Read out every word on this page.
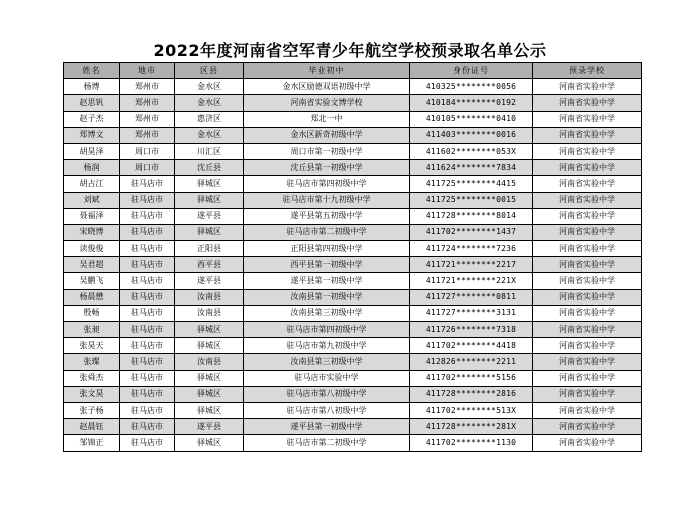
2022年度河南省空军青少年航空学校预录取名单公示
姓名	地市	区县	毕业初中	身份证号	预录学校
杨博	郑州市	金水区	金水区励德双语初级中学	410325********0056	河南省实验中学
赵思钒	郑州市	金水区	河南省实验文博学校	410184********0192	河南省实验中学
赵子杰	郑州市	惠济区	郑北一中	410105********0410	河南省实验中学
郑博文	郑州市	金水区	金水区新奇初级中学	411403********0016	河南省实验中学
胡昊泽	周口市	川汇区	周口市第一初级中学	411602********053X	河南省实验中学
杨润	周口市	沈丘县	沈丘县第一初级中学	411624********7834	河南省实验中学
胡占江	驻马店市	驿城区	驻马店市第四初级中学	411725********4415	河南省实验中学
刘斌	驻马店市	驿城区	驻马店市第十九初级中学	411725********0015	河南省实验中学
聂福泽	驻马店市	遂平县	遂平县第五初级中学	411728********8014	河南省实验中学
宋晓博	驻马店市	驿城区	驻马店市第二初级中学	411702********1437	河南省实验中学
读俊俊	驻马店市	正阳县	正阳县第四初级中学	411724********7236	河南省实验中学
吴君超	驻马店市	西平县	西平县第一初级中学	411721********2217	河南省实验中学
吴鹏飞	驻马店市	遂平县	遂平县第一初级中学	411721********221X	河南省实验中学
杨晨懋	驻马店市	汝南县	汝南县第一初级中学	411727********0811	河南省实验中学
殷畅	驻马店市	汝南县	汝南县第三初级中学	411727********3131	河南省实验中学
张昶	驻马店市	驿城区	驻马店市第四初级中学	411726********7318	河南省实验中学
张昊天	驻马店市	驿城区	驻马店市第九初级中学	411702********4418	河南省实验中学
张璨	驻马店市	汝南县	汝南县第三初级中学	412826********2211	河南省实验中学
张舜杰	驻马店市	驿城区	驻马店市实验中学	411702********5156	河南省实验中学
张文昊	驻马店市	驿城区	驻马店市第八初级中学	411728********2816	河南省实验中学
张子杨	驻马店市	驿城区	驻马店市第八初级中学	411702********513X	河南省实验中学
赵晨钰	驻马店市	遂平县	遂平县第一初级中学	411728********281X	河南省实验中学
邹锦正	驻马店市	驿城区	驻马店市第二初级中学	411702********1130	河南省实验中学
